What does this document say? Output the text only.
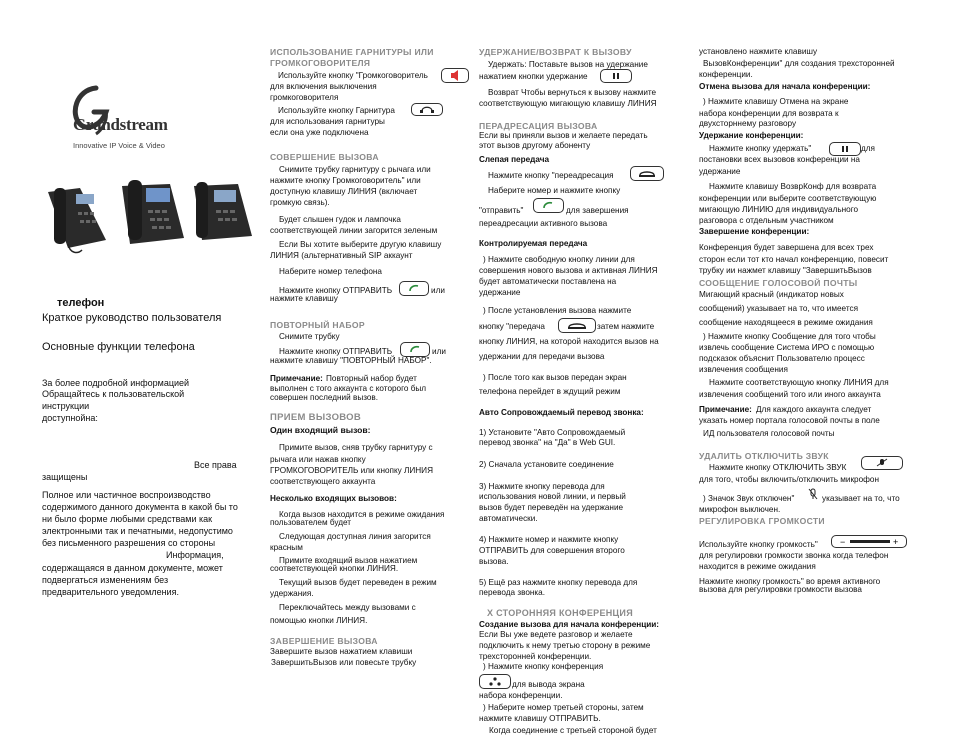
Grandstream
Innovative IP Voice & Video
телефон
Краткое руководство пользователя
Основные функции телефона
За более подробной информацией
Обращайтесь к пользовательской
инструкции
доступнойна:
Все права
защищены
Полное или частичное воспроизводство
содержимого данного документа в какой бы то
ни было форме любыми средствами как
электронными так и печатными, недопустимо
без письменного разрешения со стороны
Информация,
содержащаяся в данном документе, может
подвергаться изменениям без
предварительного уведомления.
ИСПОЛЬЗОВАНИЕ ГАРНИТУРЫ ИЛИ
ГРОМКОГОВОРИТЕЛЯ
Используйте кнопку "Громкоговоритель
для включения выключения
громкоговорителя
Используйте кнопку Гарнитура
для использования гарнитуры
если она уже подключена
СОВЕРШЕНИЕ ВЫЗОВА
Снимите трубку гарнитуру с рычага или
нажмите кнопку Громкоговоритель" или
доступную клавишу ЛИНИЯ (включает
громкую связь).
Будет слышен гудок и лампочка
соответствующей линии загорится зеленым
Если Вы хотите выберите другую клавишу
ЛИНИЯ (альтернативный SIP аккаунт
Наберите номер телефона
Нажмите кнопку ОТПРАВИТЬ	или
нажмите клавишу
ПОВТОРНЫЙ НАБОР
Снимите трубку
Нажмите кнопку ОТПРАВИТЬ	или
нажмите клавишу "ПОВТОРНЫЙ НАБОР".
Примечание: Повторный набор будет
выполнен с того аккаунта с которого был
совершен последний вызов.
ПРИЕМ ВЫЗОВОВ
Один входящий вызов:
Примите вызов, сняв трубку гарнитуру с
рычага или нажав кнопку
ГРОМКОГОВОРИТЕЛЬ или кнопку ЛИНИЯ
соответствующего аккаунта
Несколько входящих вызовов:
Когда вызов находится в режиме ожидания
пользователем будет
Следующая доступная линия загорится
красным
Примите входящий вызов нажатием
соответствующей кнопки ЛИНИЯ.
Текущий вызов будет переведен в режим
удержания.
Переключайтесь между вызовами с
помощью кнопки ЛИНИЯ.
ЗАВЕРШЕНИЕ ВЫЗОВА
Завершите вызов нажатием клавиши
ЗавершитьВызов или повесьте трубку
УДЕРЖАНИЕ/ВОЗВРАТ К ВЫЗОВУ
Удержать: Поставьте вызов на удержание
нажатием кнопки удержание
Возврат Чтобы вернуться к вызову нажмите
соответствующую мигающую клавишу ЛИНИЯ
ПЕРАДРЕСАЦИЯ ВЫЗОВА
Если вы приняли вызов и желаете передать
этот вызов другому абоненту
Слепая передача
Нажмите кнопку "переадресация
Наберите номер и нажмите кнопку
"отправить"	для завершения
переадресации активного вызова
Контролируемая передача
) Нажмите свободную кнопку линии для
совершения нового вызова и активная ЛИНИЯ
будет автоматически поставлена на
удержание
) После установления вызова нажмите
кнопку "передача	затем нажмите
кнопку ЛИНИЯ, на которой находится вызов на
удержании для передачи вызова
) После того как вызов передан экран
телефона перейдет в ждущий режим
Авто Сопровождаемый перевод звонка:
1) Установите "Авто Сопровождаемый
перевод звонка" на "Да" в Web GUI.
2) Сначала установите соединение
3) Нажмите кнопку перевода для
использования новой линии, и первый
вызов будет переведён на удержание
автоматически.
4) Нажмите номер и нажмите кнопку
ОТПРАВИТЬ для совершения второго
вызова.
5) Ещё раз нажмите кнопку перевода для
перевода звонка.
Х СТОРОННЯЯ КОНФЕРЕНЦИЯ
Создание вызова для начала конференции:
Если Вы уже ведете разговор и желаете
подключить к нему третью сторону в режиме
трехсторонней конференции.
) Нажмите кнопку конференция
для вывода экрана
набора конференции.
) Наберите номер третьей стороны, затем
нажмите клавишу ОТПРАВИТЬ.
Когда соединение с третьей стороной будет
установлено нажмите клавишу
ВызовКонференции" для создания трехсторонней
конференции.
Отмена вызова для начала конференции:
) Нажмите клавишу Отмена на экране
набора конференции для возврата к
двухсторннему разговору
Удержание конференции:
Нажмите кнопку удержать"	для
постановки всех вызовов конференции на
удержание
Нажмите клавишу ВозврКонф для возврата
конференции или выберите соответствующую
мигающую ЛИНИЮ для индивидуального
разговора с отдельным участником
Завершение конференции:
Конференция будет завершена для всех трех
сторон если тот кто начал конференцию, повесит
трубку ии нажмет клавишу "ЗавершитьВызов
СООБЩЕНИЕ ГОЛОСОВОЙ ПОЧТЫ
Мигающий красный (индикатор новых
сообщений) указывает на то, что имеется
сообщение находящееся в режиме ожидания
) Нажмите кнопку Сообщение для того чтобы
извлечь сообщение Система ИРО с помощью
подсказок объяснит Пользователю процесс
извлечения сообщения
Нажмите соответствующую кнопку ЛИНИЯ для
извлечения сообщений того или иного аккаунта
Примечание: Для каждого аккаунта следует
указать номер портала голосовой почты в поле
ИД пользователя голосовой почты
УДАЛИТЬ ОТКЛЮЧИТЬ ЗВУК
Нажмите кнопку ОТКЛЮЧИТЬ ЗВУК
для того, чтобы включить/отключить микрофон
) Значок Звук отключен"	указывает на то, что
микрофон выключен.
РЕГУЛИРОВКА ГРОМКОСТИ
Используйте кнопку громкость" −	+
для регулировки громкости звонка когда телефон
находится в режиме ожидания
Нажмите кнопку громкость" во время активного
вызова для регулировки громкости вызова
